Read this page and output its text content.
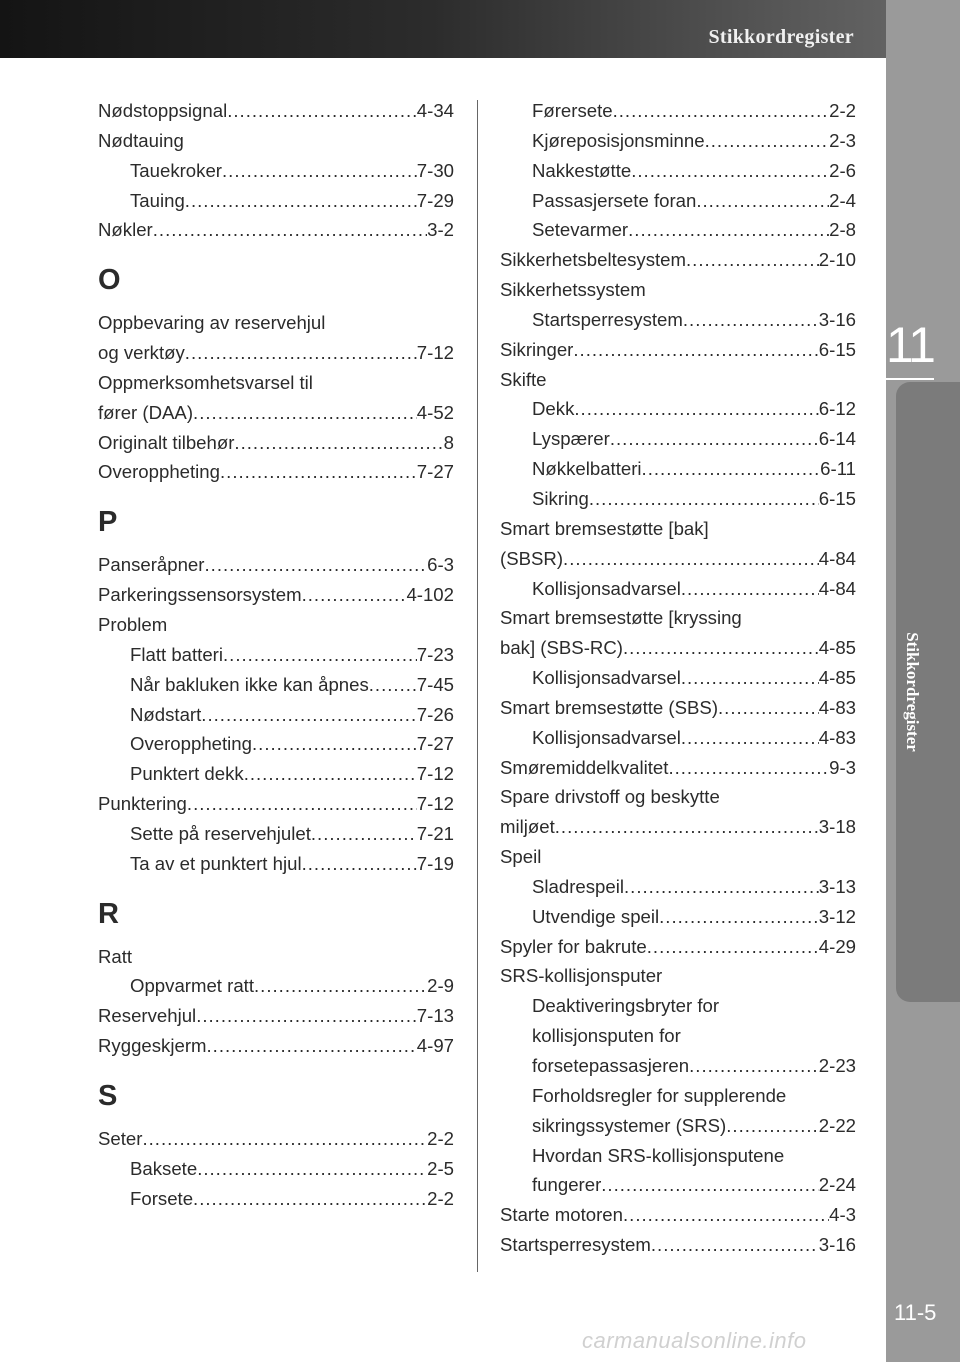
Stikkordregister
11
Stikkordregister
11-5
carmanualsonline.info
Nødstoppsignal .....	4-34
Nødtauing
Tauekroker .....	7-30
Tauing .....	7-29
Nøkler .....	3-2
O
Oppbevaring av reservehjul
og verktøy .....	7-12
Oppmerksomhetsvarsel til
fører (DAA) .....	4-52
Originalt tilbehør .....	8
Overoppheting .....	7-27
P
Panseråpner .....	6-3
Parkeringssensorsystem .....	4-102
Problem
Flatt batteri .....	7-23
Når bakluken ikke kan åpnes .....	7-45
Nødstart .....	7-26
Overoppheting .....	7-27
Punktert dekk .....	7-12
Punktering .....	7-12
Sette på reservehjulet .....	7-21
Ta av et punktert hjul .....	7-19
R
Ratt
Oppvarmet ratt .....	2-9
Reservehjul .....	7-13
Ryggeskjerm .....	4-97
S
Seter .....	2-2
Baksete .....	2-5
Forsete .....	2-2
Førersete .....	2-2
Kjøreposisjonsminne .....	2-3
Nakkestøtte .....	2-6
Passasjersete foran .....	2-4
Setevarmer .....	2-8
Sikkerhetsbeltesystem .....	2-10
Sikkerhetssystem
Startsperresystem .....	3-16
Sikringer .....	6-15
Skifte
Dekk .....	6-12
Lyspærer .....	6-14
Nøkkelbatteri .....	6-11
Sikring .....	6-15
Smart bremsestøtte [bak]
(SBSR) .....	4-84
Kollisjonsadvarsel .....	4-84
Smart bremsestøtte [kryssing
bak] (SBS-RC) .....	4-85
Kollisjonsadvarsel .....	4-85
Smart bremsestøtte (SBS) .....	4-83
Kollisjonsadvarsel .....	4-83
Smøremiddelkvalitet .....	9-3
Spare drivstoff og beskytte
miljøet .....	3-18
Speil
Sladrespeil .....	3-13
Utvendige speil .....	3-12
Spyler for bakrute .....	4-29
SRS-kollisjonsputer
Deaktiveringsbryter for
kollisjonsputen for
forsetepassasjeren .....	2-23
Forholdsregler for supplerende
sikringssystemer (SRS) .....	2-22
Hvordan SRS-kollisjonsputene
fungerer .....	2-24
Starte motoren .....	4-3
Startsperresystem .....	3-16
